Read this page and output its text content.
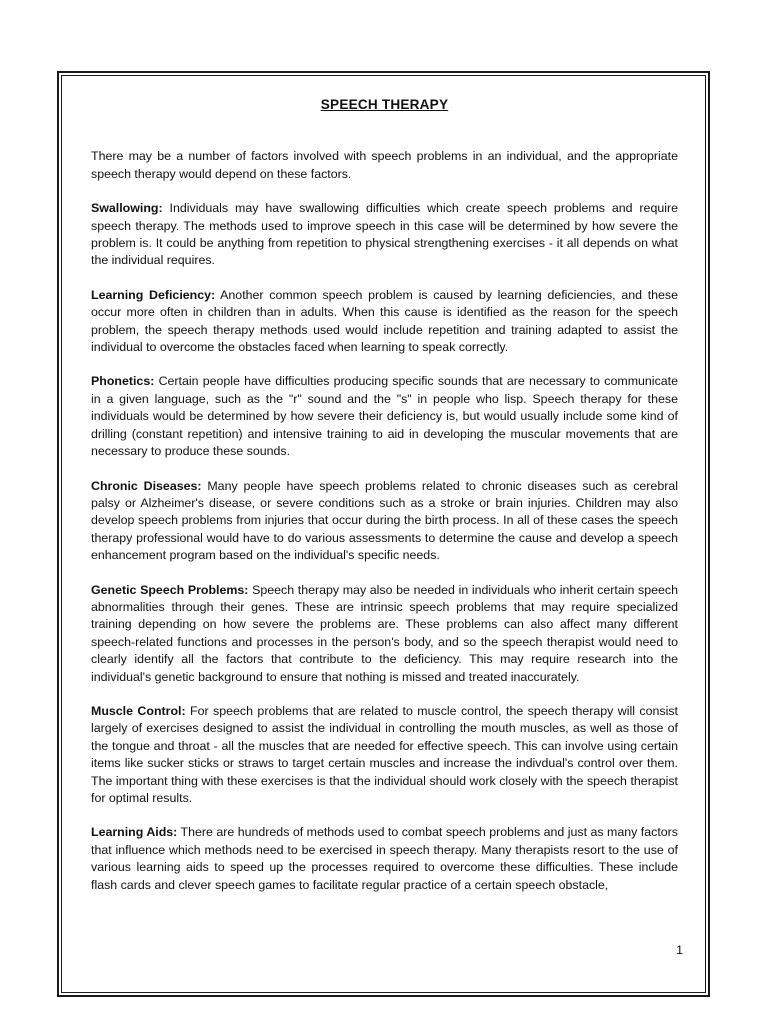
SPEECH THERAPY

There may be a number of factors involved with speech problems in an individual, and the appropriate speech therapy would depend on these factors.

Swallowing: Individuals may have swallowing difficulties which create speech problems and require speech therapy. The methods used to improve speech in this case will be determined by how severe the problem is. It could be anything from repetition to physical strengthening exercises - it all depends on what the individual requires.

Learning Deficiency: Another common speech problem is caused by learning deficiencies, and these occur more often in children than in adults. When this cause is identified as the reason for the speech problem, the speech therapy methods used would include repetition and training adapted to assist the individual to overcome the obstacles faced when learning to speak correctly.

Phonetics: Certain people have difficulties producing specific sounds that are necessary to communicate in a given language, such as the "r" sound and the "s" in people who lisp. Speech therapy for these individuals would be determined by how severe their deficiency is, but would usually include some kind of drilling (constant repetition) and intensive training to aid in developing the muscular movements that are necessary to produce these sounds.

Chronic Diseases: Many people have speech problems related to chronic diseases such as cerebral palsy or Alzheimer's disease, or severe conditions such as a stroke or brain injuries. Children may also develop speech problems from injuries that occur during the birth process. In all of these cases the speech therapy professional would have to do various assessments to determine the cause and develop a speech enhancement program based on the individual's specific needs.

Genetic Speech Problems: Speech therapy may also be needed in individuals who inherit certain speech abnormalities through their genes. These are intrinsic speech problems that may require specialized training depending on how severe the problems are. These problems can also affect many different speech-related functions and processes in the person's body, and so the speech therapist would need to clearly identify all the factors that contribute to the deficiency. This may require research into the individual's genetic background to ensure that nothing is missed and treated inaccurately.

Muscle Control: For speech problems that are related to muscle control, the speech therapy will consist largely of exercises designed to assist the individual in controlling the mouth muscles, as well as those of the tongue and throat - all the muscles that are needed for effective speech. This can involve using certain items like sucker sticks or straws to target certain muscles and increase the indivdual's control over them. The important thing with these exercises is that the individual should work closely with the speech therapist for optimal results.

Learning Aids: There are hundreds of methods used to combat speech problems and just as many factors that influence which methods need to be exercised in speech therapy. Many therapists resort to the use of various learning aids to speed up the processes required to overcome these difficulties. These include flash cards and clever speech games to facilitate regular practice of a certain speech obstacle,

1
